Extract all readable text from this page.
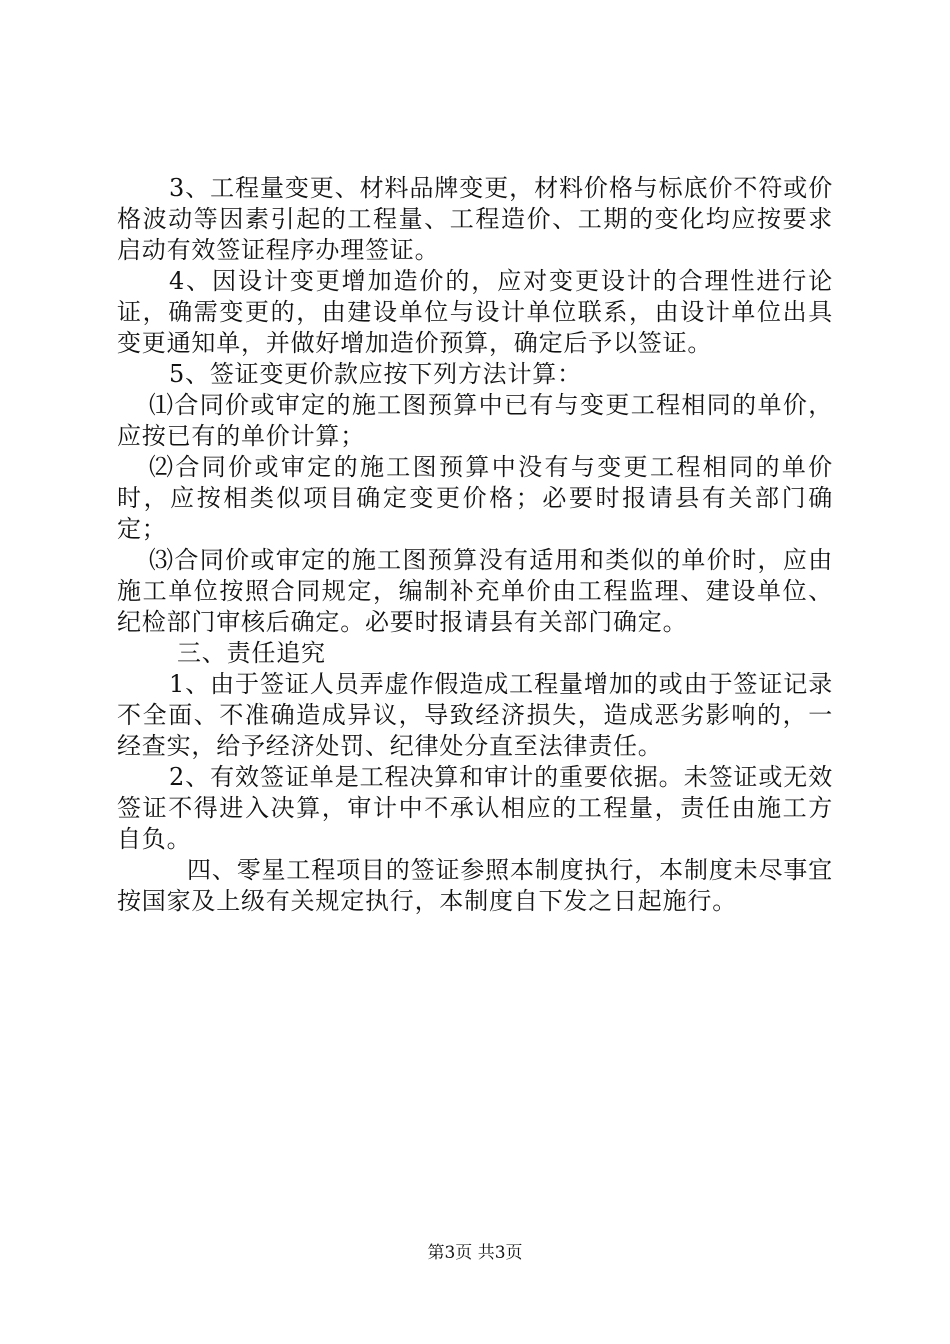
3、工程量变更、材料品牌变更，材料价格与标底价不符或价格波动等因素引起的工程量、工程造价、工期的变化均应按要求启动有效签证程序办理签证。

4、因设计变更增加造价的，应对变更设计的合理性进行论证，确需变更的，由建设单位与设计单位联系，由设计单位出具变更通知单，并做好增加造价预算，确定后予以签证。

5、签证变更价款应按下列方法计算：

⑴合同价或审定的施工图预算中已有与变更工程相同的单价，应按已有的单价计算；

⑵合同价或审定的施工图预算中没有与变更工程相同的单价时，应按相类似项目确定变更价格；必要时报请县有关部门确定；

⑶合同价或审定的施工图预算没有适用和类似的单价时，应由施工单位按照合同规定，编制补充单价由工程监理、建设单位、纪检部门审核后确定。必要时报请县有关部门确定。

三、责任追究

1、由于签证人员弄虚作假造成工程量增加的或由于签证记录不全面、不准确造成异议，导致经济损失，造成恶劣影响的，一经查实，给予经济处罚、纪律处分直至法律责任。

2、有效签证单是工程决算和审计的重要依据。未签证或无效签证不得进入决算，审计中不承认相应的工程量，责任由施工方自负。

四、零星工程项目的签证参照本制度执行，本制度未尽事宜按国家及上级有关规定执行，本制度自下发之日起施行。

第3页 共3页
